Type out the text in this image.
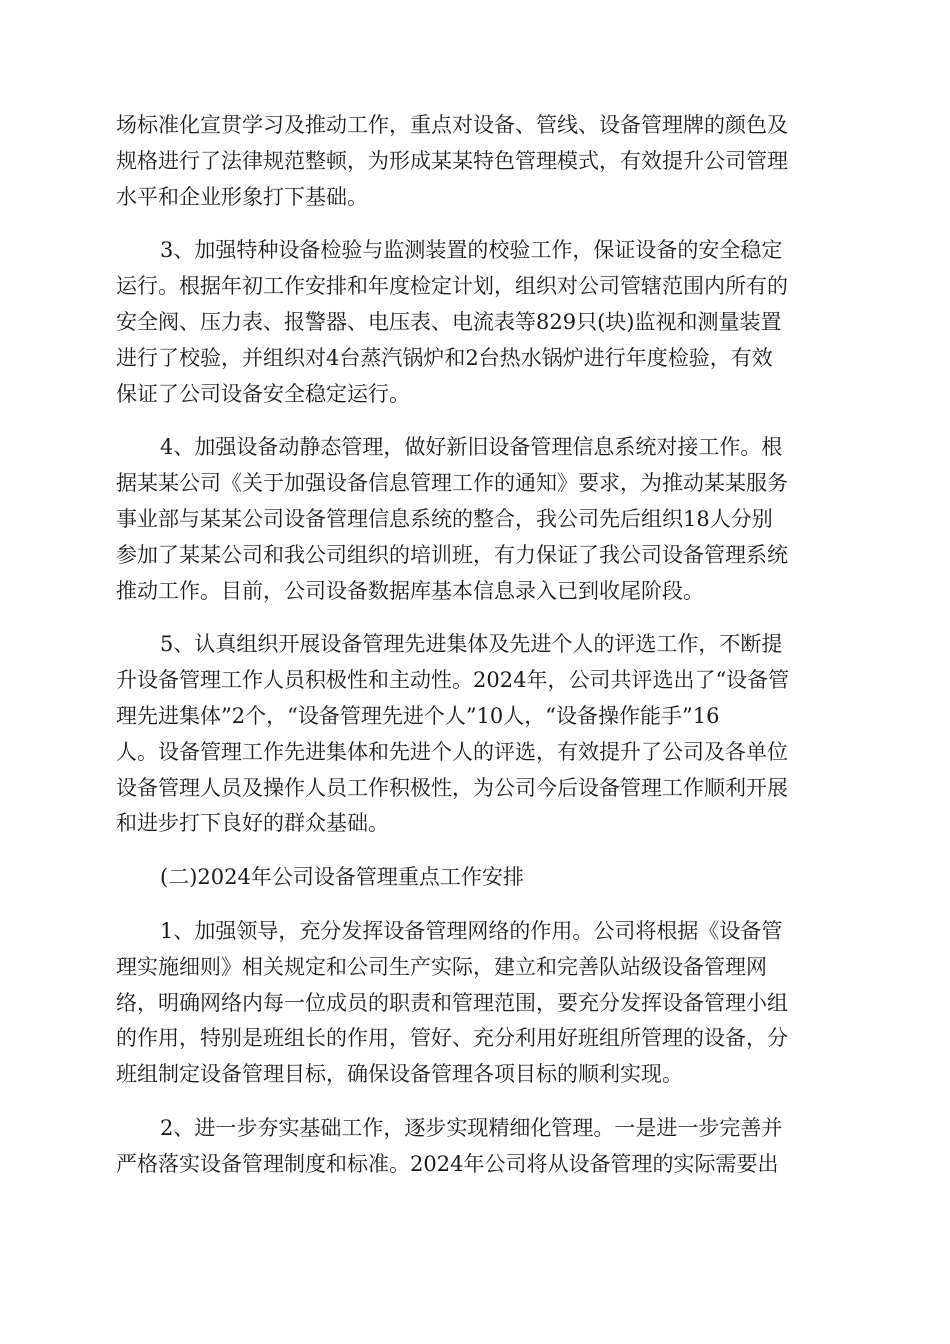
场标准化宣贯学习及推动工作，重点对设备、管线、设备管理牌的颜色及
规格进行了法律规范整顿，为形成某某特色管理模式，有效提升公司管理
水平和企业形象打下基础。
3、加强特种设备检验与监测装置的校验工作，保证设备的安全稳定
运行。根据年初工作安排和年度检定计划，组织对公司管辖范围内所有的
安全阀、压力表、报警器、电压表、电流表等829只(块)监视和测量装置
进行了校验，并组织对4台蒸汽锅炉和2台热水锅炉进行年度检验，有效
保证了公司设备安全稳定运行。
4、加强设备动静态管理，做好新旧设备管理信息系统对接工作。根
据某某公司《关于加强设备信息管理工作的通知》要求，为推动某某服务
事业部与某某公司设备管理信息系统的整合，我公司先后组织18人分别
参加了某某公司和我公司组织的培训班，有力保证了我公司设备管理系统
推动工作。目前，公司设备数据库基本信息录入已到收尾阶段。
5、认真组织开展设备管理先进集体及先进个人的评选工作，不断提
升设备管理工作人员积极性和主动性。2024年，公司共评选出了“设备管
理先进集体”2个，“设备管理先进个人”10人，“设备操作能手”16
人。设备管理工作先进集体和先进个人的评选，有效提升了公司及各单位
设备管理人员及操作人员工作积极性，为公司今后设备管理工作顺利开展
和进步打下良好的群众基础。
(二)2024年公司设备管理重点工作安排
1、加强领导，充分发挥设备管理网络的作用。公司将根据《设备管
理实施细则》相关规定和公司生产实际，建立和完善队站级设备管理网
络，明确网络内每一位成员的职责和管理范围，要充分发挥设备管理小组
的作用，特别是班组长的作用，管好、充分利用好班组所管理的设备，分
班组制定设备管理目标，确保设备管理各项目标的顺利实现。
2、进一步夯实基础工作，逐步实现精细化管理。一是进一步完善并
严格落实设备管理制度和标准。2024年公司将从设备管理的实际需要出
